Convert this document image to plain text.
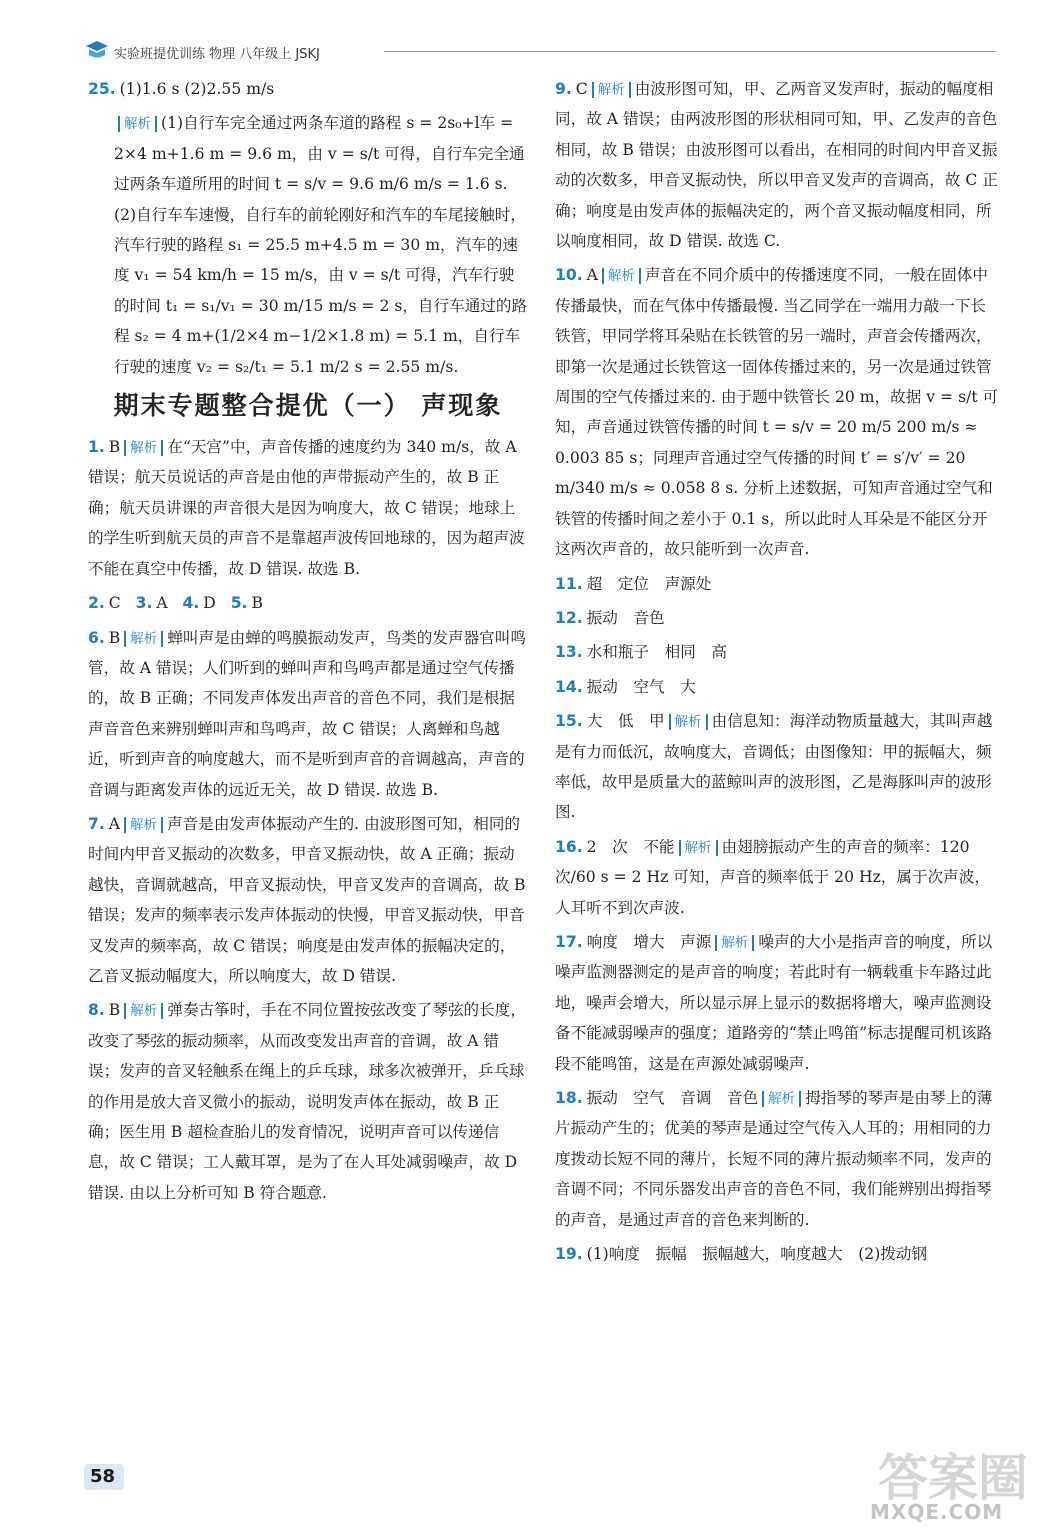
实验班提优训练 物理 八年级上 JSKJ
25. (1)1.6 s (2)2.55 m/s
解析 (1)自行车完全通过两条车道的路程 s = 2s₀+l车 = 2×4 m+1.6 m = 9.6 m，由 v = s/t 可得，自行车完全通过两条车道所用的时间 t = s/v = 9.6 m/6 m/s = 1.6 s.
(2)自行车车速慢，自行车的前轮刚好和汽车的车尾接触时，汽车行驶的路程 s₁ = 25.5 m+4.5 m = 30 m，汽车的速度 v₁ = 54 km/h = 15 m/s，由 v = s/t 可得，汽车行驶的时间 t₁ = s₁/v₁ = 30 m/15 m/s = 2 s，自行车通过的路程 s₂ = 4 m+(1/2×4 m−1/2×1.8 m) = 5.1 m，自行车行驶的速度 v₂ = s₂/t₁ = 5.1 m/2 s = 2.55 m/s.
期末专题整合提优（一） 声现象
1. B 解析 在“天宫”中，声音传播的速度约为 340 m/s，故 A 错误；航天员说话的声音是由他的声带振动产生的，故 B 正确；航天员讲课的声音很大是因为响度大，故 C 错误；地球上的学生听到航天员的声音不是靠超声波传回地球的，因为超声波不能在真空中传播，故 D 错误. 故选 B.
2. C 3. A 4. D 5. B
6. B 解析 蝉叫声是由蝉的鸣膜振动发声，鸟类的发声器官叫鸣管，故 A 错误；人们听到的蝉叫声和鸟鸣声都是通过空气传播的，故 B 正确；不同发声体发出声音的音色不同，我们是根据声音音色来辨别蝉叫声和鸟鸣声，故 C 错误；人离蝉和鸟越近，听到声音的响度越大，而不是听到声音的音调越高，声音的音调与距离发声体的远近无关，故 D 错误. 故选 B.
7. A 解析 声音是由发声体振动产生的. 由波形图可知，相同的时间内甲音叉振动的次数多，甲音叉振动快，故 A 正确；振动越快，音调就越高，甲音叉振动快，甲音叉发声的音调高，故 B 错误；发声的频率表示发声体振动的快慢，甲音叉振动快，甲音叉发声的频率高，故 C 错误；响度是由发声体的振幅决定的，乙音叉振动幅度大，所以响度大，故 D 错误.
8. B 解析 弹奏古筝时，手在不同位置按弦改变了琴弦的长度，改变了琴弦的振动频率，从而改变发出声音的音调，故 A 错误；发声的音叉轻触系在绳上的乒乓球，球多次被弹开，乒乓球的作用是放大音叉微小的振动，说明发声体在振动，故 B 正确；医生用 B 超检查胎儿的发育情况，说明声音可以传递信息，故 C 错误；工人戴耳罩，是为了在人耳处减弱噪声，故 D 错误. 由以上分析可知 B 符合题意.
9. C 解析 由波形图可知，甲、乙两音叉发声时，振动的幅度相同，故 A 错误；由两波形图的形状相同可知，甲、乙发声的音色相同，故 B 错误；由波形图可以看出，在相同的时间内甲音叉振动的次数多，甲音叉振动快，所以甲音叉发声的音调高，故 C 正确；响度是由发声体的振幅决定的，两个音叉振动幅度相同，所以响度相同，故 D 错误. 故选 C.
10. A 解析 声音在不同介质中的传播速度不同，一般在固体中传播最快，而在气体中传播最慢. 当乙同学在一端用力敲一下长铁管，甲同学将耳朵贴在长铁管的另一端时，声音会传播两次，即第一次是通过长铁管这一固体传播过来的，另一次是通过铁管周围的空气传播过来的. 由于题中铁管长 20 m，故据 v = s/t 可知，声音通过铁管传播的时间 t = s/v = 20 m/5 200 m/s ≈ 0.003 85 s；同理声音通过空气传播的时间 t′ = s′/v′ = 20 m/340 m/s ≈ 0.058 8 s. 分析上述数据，可知声音通过空气和铁管的传播时间之差小于 0.1 s，所以此时人耳朵是不能区分开这两次声音的，故只能听到一次声音.
11. 超　定位　声源处
12. 振动　音色
13. 水和瓶子　相同　高
14. 振动　空气　大
15. 大　低　甲 解析 由信息知：海洋动物质量越大，其叫声越是有力而低沉，故响度大，音调低；由图像知：甲的振幅大，频率低，故甲是质量大的蓝鲸叫声的波形图，乙是海豚叫声的波形图.
16. 2　次　不能 解析 由翅膀振动产生的声音的频率：120 次/60 s = 2 Hz 可知，声音的频率低于 20 Hz，属于次声波，人耳听不到次声波.
17. 响度　增大　声源 解析 噪声的大小是指声音的响度，所以噪声监测器测定的是声音的响度；若此时有一辆载重卡车路过此地，噪声会增大，所以显示屏上显示的数据将增大，噪声监测设备不能减弱噪声的强度；道路旁的“禁止鸣笛”标志提醒司机该路段不能鸣笛，这是在声源处减弱噪声.
18. 振动　空气　音调　音色 解析 拇指琴的琴声是由琴上的薄片振动产生的；优美的琴声是通过空气传入人耳的；用相同的力度拨动长短不同的薄片，长短不同的薄片振动频率不同，发声的音调不同；不同乐器发出声音的音色不同，我们能辨别出拇指琴的声音，是通过声音的音色来判断的.
19. (1)响度　振幅　振幅越大，响度越大　(2)拨动钢
58	答案圈
MXQE.COM
